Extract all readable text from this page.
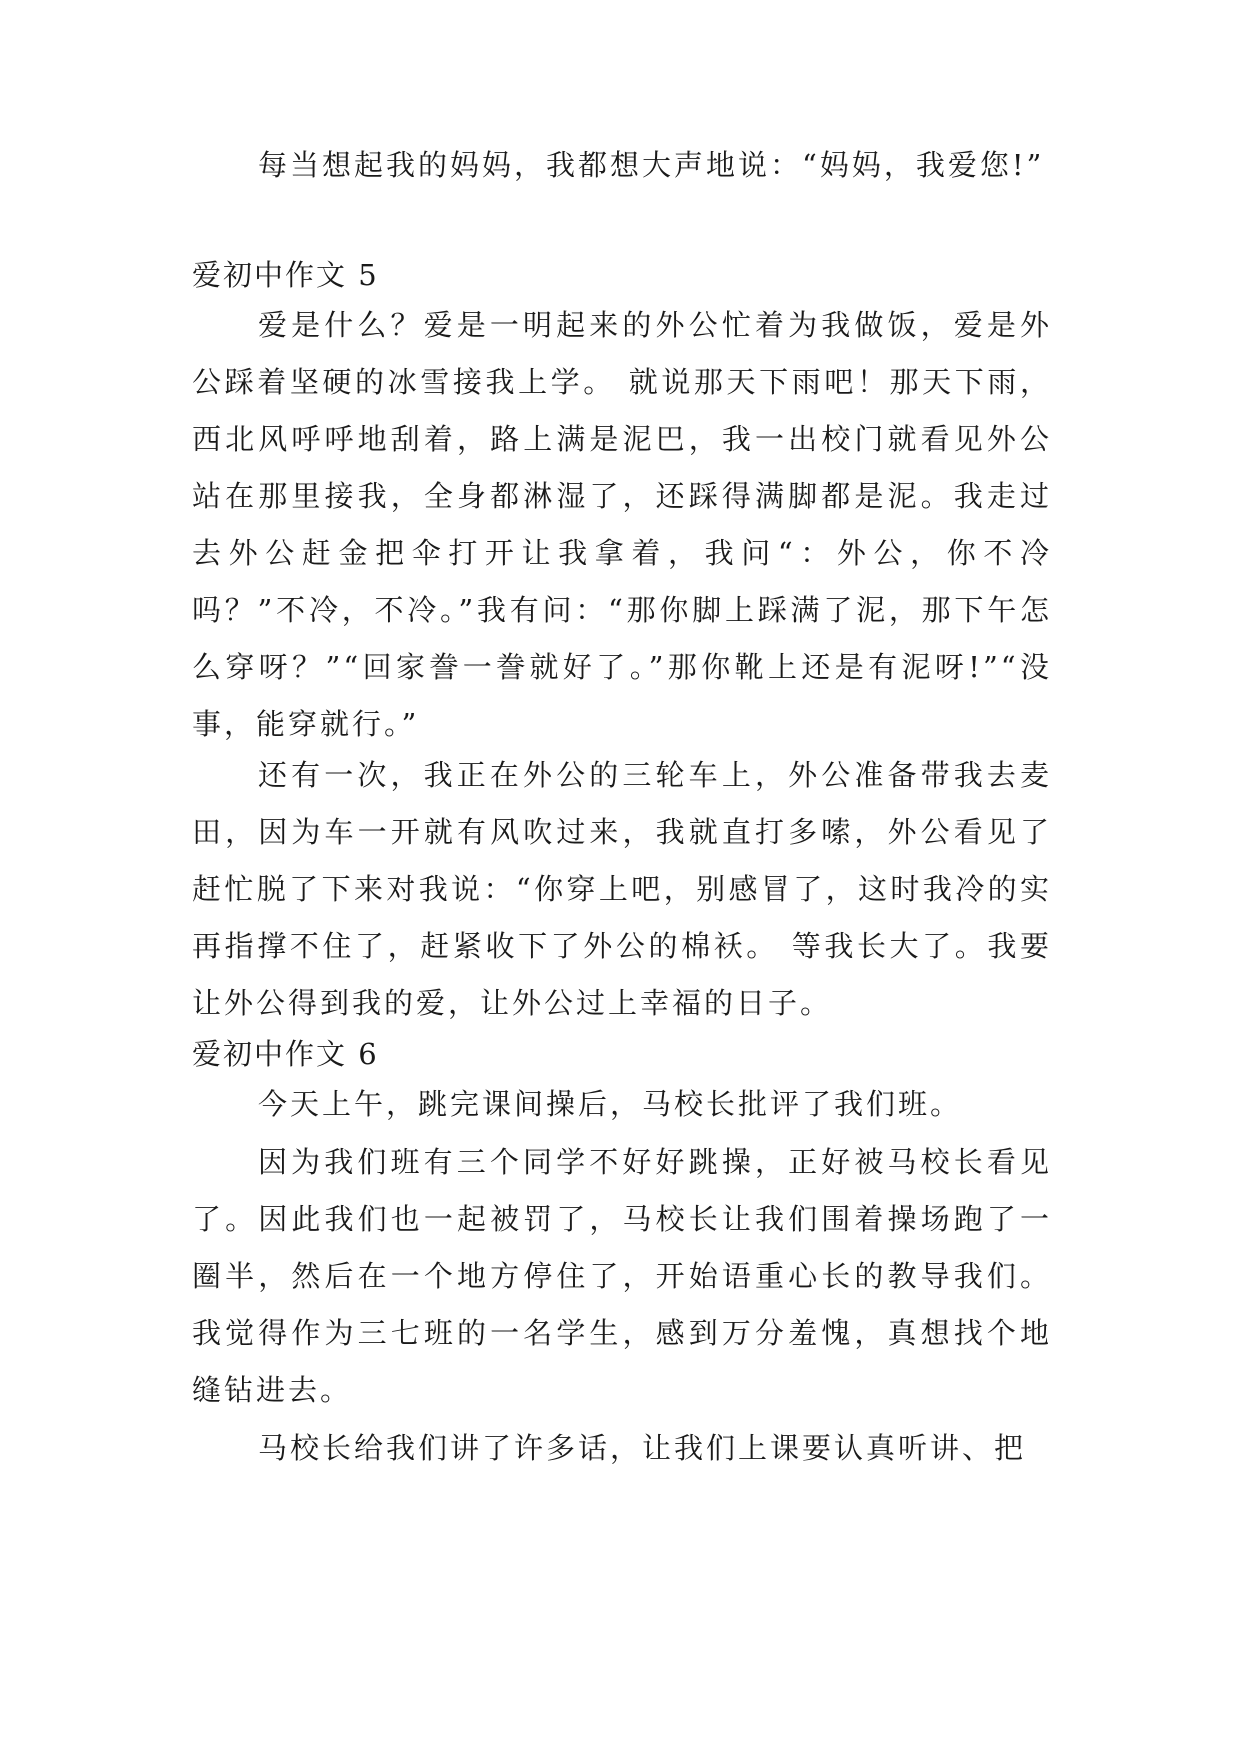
每当想起我的妈妈，我都想大声地说：“妈妈，我爱您!”

爱初中作文 5

爱是什么？爱是一明起来的外公忙着为我做饭，爱是外公踩着坚硬的冰雪接我上学。 就说那天下雨吧！那天下雨，西北风呼呼地刮着，路上满是泥巴，我一出校门就看见外公站在那里接我，全身都淋湿了，还踩得满脚都是泥。我走过去外公赶金把伞打开让我拿着，我问“：外公，你不冷吗？”不冷，不冷。”我有问：“那你脚上踩满了泥，那下午怎么穿呀？”“回家誊一誊就好了。”那你靴上还是有泥呀!”“没事，能穿就行。”

还有一次，我正在外公的三轮车上，外公准备带我去麦田，因为车一开就有风吹过来，我就直打多嗦，外公看见了赶忙脱了下来对我说：“你穿上吧，别感冒了，这时我冷的实再指撑不住了，赶紧收下了外公的棉袄。 等我长大了。我要让外公得到我的爱，让外公过上幸福的日子。

爱初中作文 6

今天上午，跳完课间操后，马校长批评了我们班。

因为我们班有三个同学不好好跳操，正好被马校长看见了。因此我们也一起被罚了，马校长让我们围着操场跑了一圈半，然后在一个地方停住了，开始语重心长的教导我们。我觉得作为三七班的一名学生，感到万分羞愧，真想找个地缝钻进去。

马校长给我们讲了许多话，让我们上课要认真听讲、把
